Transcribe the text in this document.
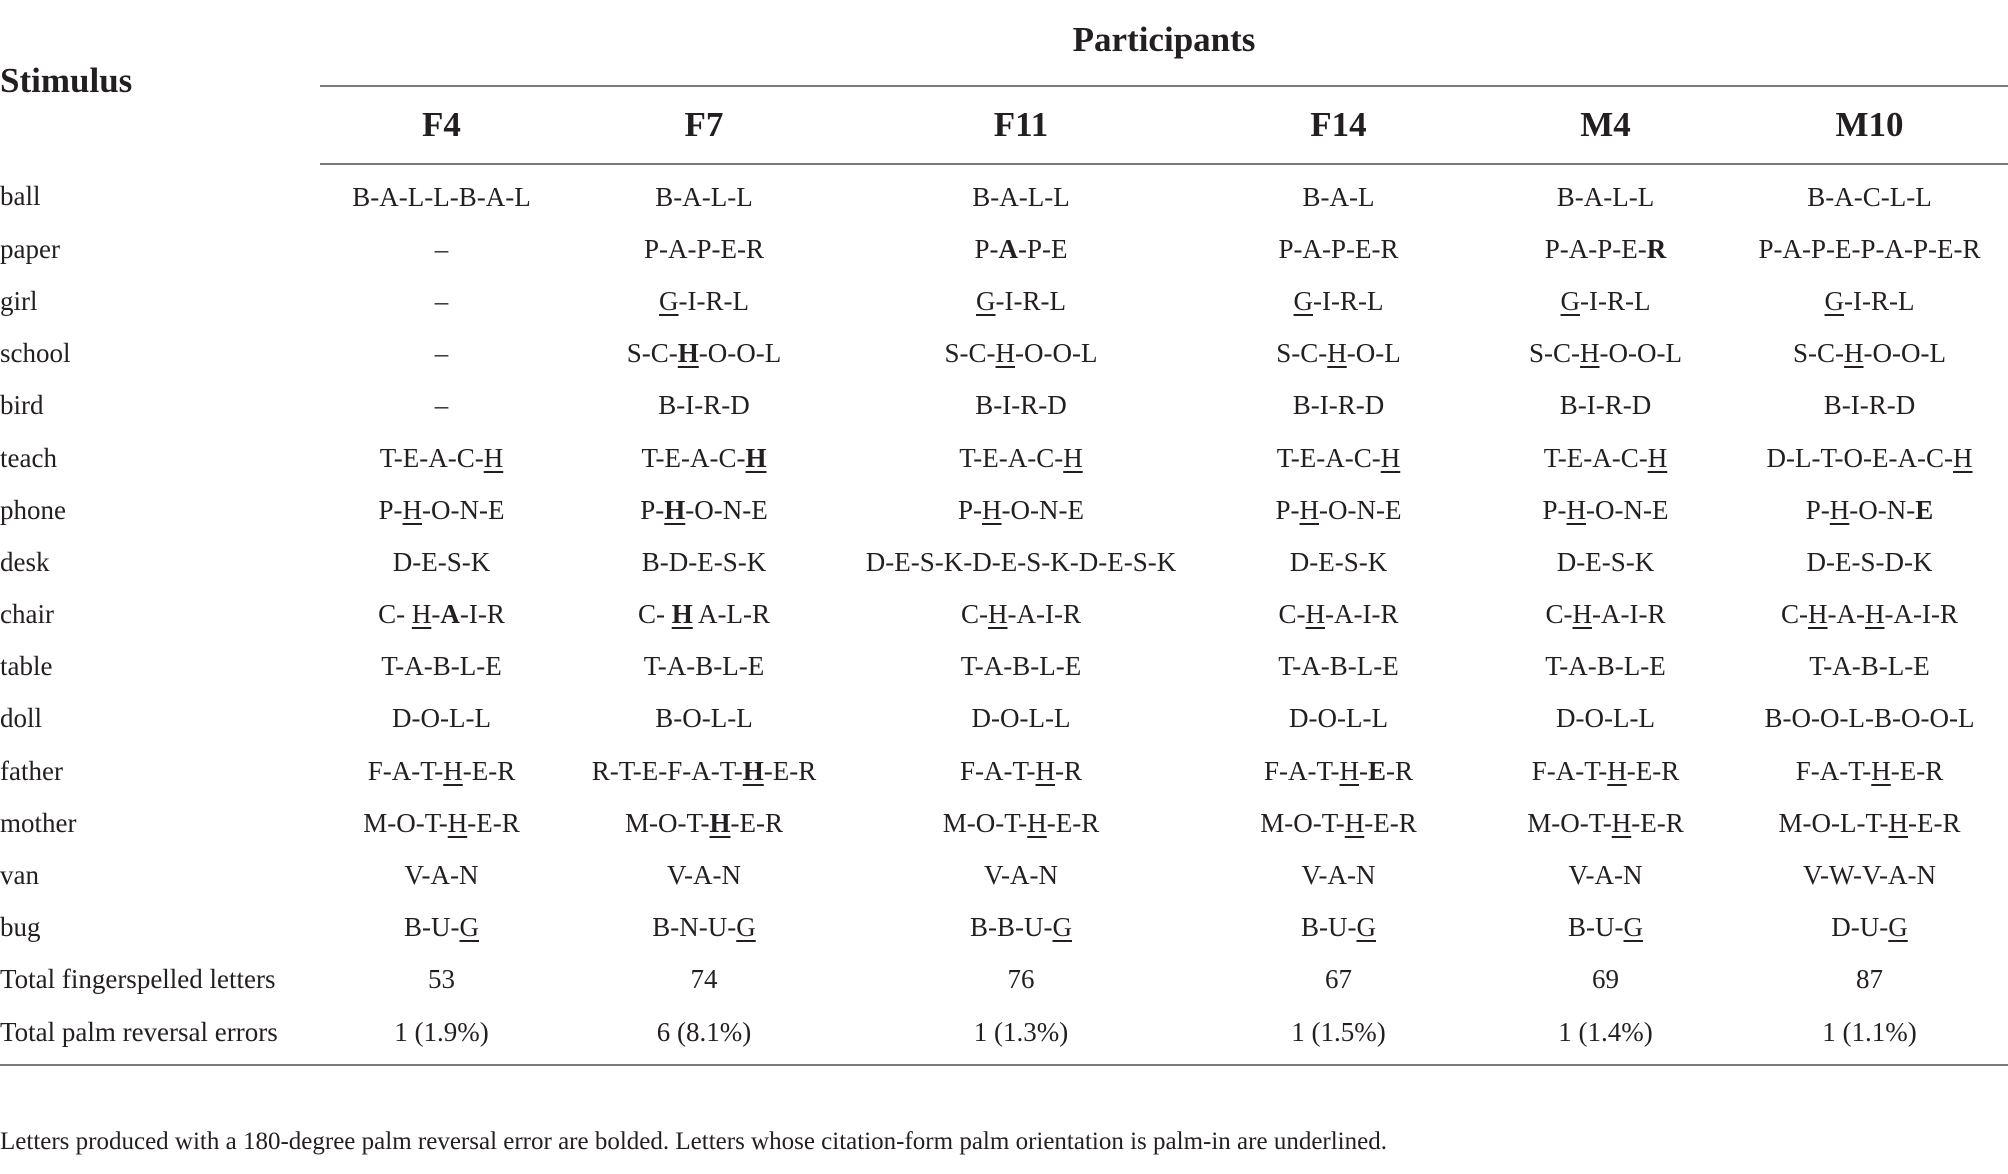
Stimulus	Participants					
	F4	F7	F11	F14	M4	M10
ball	B-A-L-L-B-A-L	B-A-L-L	B-A-L-L	B-A-L	B-A-L-L	B-A-C-L-L
paper	–	P-A-P-E-R	P-A-P-E	P-A-P-E-R	P-A-P-E-R	P-A-P-E-P-A-P-E-R
girl	–	G-I-R-L	G-I-R-L	G-I-R-L	G-I-R-L	G-I-R-L
school	–	S-C-H-O-O-L	S-C-H-O-O-L	S-C-H-O-L	S-C-H-O-O-L	S-C-H-O-O-L
bird	–	B-I-R-D	B-I-R-D	B-I-R-D	B-I-R-D	B-I-R-D
teach	T-E-A-C-H	T-E-A-C-H	T-E-A-C-H	T-E-A-C-H	T-E-A-C-H	D-L-T-O-E-A-C-H
phone	P-H-O-N-E	P-H-O-N-E	P-H-O-N-E	P-H-O-N-E	P-H-O-N-E	P-H-O-N-E
desk	D-E-S-K	B-D-E-S-K	D-E-S-K-D-E-S-K-D-E-S-K	D-E-S-K	D-E-S-K	D-E-S-D-K
chair	C- H-A-I-R	C- H A-L-R	C-H-A-I-R	C-H-A-I-R	C-H-A-I-R	C-H-A-H-A-I-R
table	T-A-B-L-E	T-A-B-L-E	T-A-B-L-E	T-A-B-L-E	T-A-B-L-E	T-A-B-L-E
doll	D-O-L-L	B-O-L-L	D-O-L-L	D-O-L-L	D-O-L-L	B-O-O-L-B-O-O-L
father	F-A-T-H-E-R	R-T-E-F-A-T-H-E-R	F-A-T-H-R	F-A-T-H-E-R	F-A-T-H-E-R	F-A-T-H-E-R
mother	M-O-T-H-E-R	M-O-T-H-E-R	M-O-T-H-E-R	M-O-T-H-E-R	M-O-T-H-E-R	M-O-L-T-H-E-R
van	V-A-N	V-A-N	V-A-N	V-A-N	V-A-N	V-W-V-A-N
bug	B-U-G	B-N-U-G	B-B-U-G	B-U-G	B-U-G	D-U-G
Total fingerspelled letters	53	74	76	67	69	87
Total palm reversal errors	1 (1.9%)	6 (8.1%)	1 (1.3%)	1 (1.5%)	1 (1.4%)	1 (1.1%)
Letters produced with a 180-degree palm reversal error are bolded. Letters whose citation-form palm orientation is palm-in are underlined.
